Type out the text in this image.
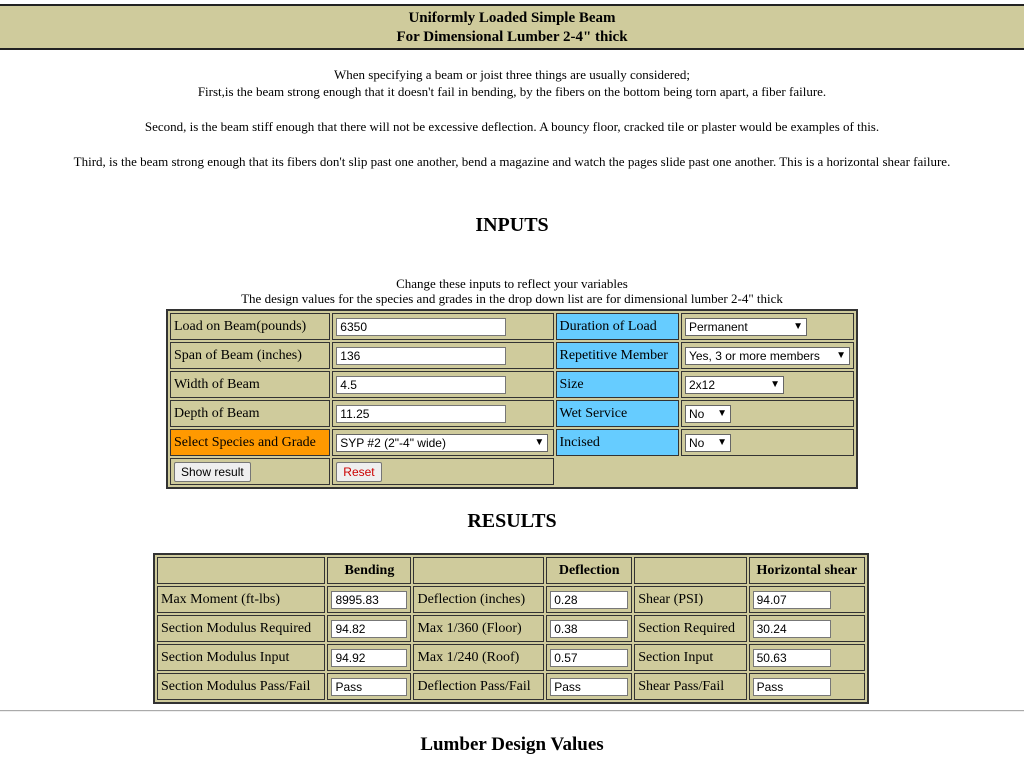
Uniformly Loaded Simple Beam
For Dimensional Lumber 2-4" thick
When specifying a beam or joist three things are usually considered;
First,is the beam strong enough that it doesn't fail in bending, by the fibers on the bottom being torn apart, a fiber failure.
Second, is the beam stiff enough that there will not be excessive deflection. A bouncy floor, cracked tile or plaster would be examples of this.
Third, is the beam strong enough that its fibers don't slip past one another, bend a magazine and watch the pages slide past one another. This is a horizontal shear failure.
INPUTS
Change these inputs to reflect your variables
The design values for the species and grades in the drop down list are for dimensional lumber 2-4" thick
Load on Beam(pounds)	6350	Duration of Load	Permanent ▼

Span of Beam (inches)	136	Repetitive Member	Yes, 3 or more members ▼

Width of Beam	4.5	Size	2x12 ▼

Depth of Beam	11.25	Wet Service	No ▼

Select Species and Grade	SYP #2 (2"-4" wide) ▼	Incised	No ▼

Show result	Reset		
RESULTS
	Bending		Deflection		Horizontal shear
Max Moment (ft-lbs)	8995.83	Deflection (inches)	0.28	Shear (PSI)	94.07
Section Modulus Required	94.82	Max 1/360 (Floor)	0.38	Section Required	30.24
Section Modulus Input	94.92	Max 1/240 (Roof)	0.57	Section Input	50.63
Section Modulus Pass/Fail	Pass	Deflection Pass/Fail	Pass	Shear Pass/Fail	Pass
Lumber Design Values
